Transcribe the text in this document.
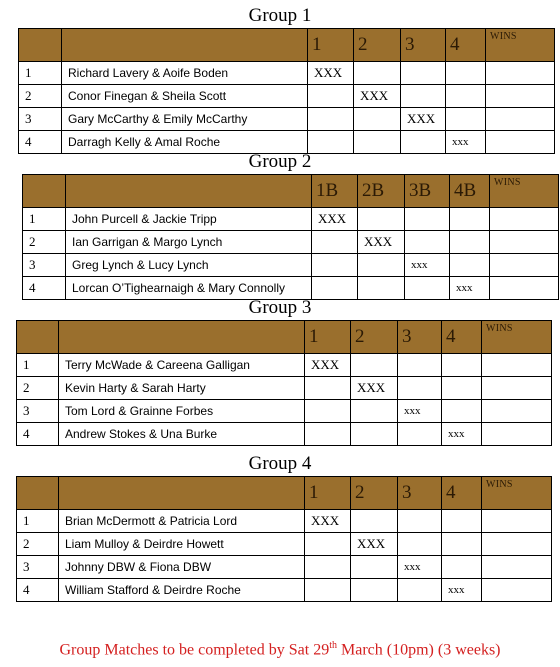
Group 1
		1	2	3	4	WINS
1	Richard Lavery & Aoife Boden	XXX				
2	Conor Finegan & Sheila Scott		XXX			
3	Gary McCarthy & Emily McCarthy			XXX		
4	Darragh Kelly & Amal Roche				xxx	
Group 2
		1B	2B	3B	4B	WINS
1	John Purcell & Jackie Tripp	XXX				
2	Ian Garrigan & Margo Lynch		XXX			
3	Greg Lynch & Lucy Lynch			xxx		
4	Lorcan O’Tighearnaigh & Mary Connolly				xxx	
Group 3
		1	2	3	4	WINS
1	Terry McWade & Careena Galligan	XXX				
2	Kevin Harty & Sarah Harty		XXX			
3	Tom Lord & Grainne Forbes			xxx		
4	Andrew Stokes & Una Burke				xxx	
Group 4
		1	2	3	4	WINS
1	Brian McDermott & Patricia Lord	XXX				
2	Liam Mulloy & Deirdre Howett		XXX			
3	Johnny DBW & Fiona DBW			xxx		
4	William Stafford & Deirdre Roche				xxx	
Group Matches to be completed by Sat 29th March (10pm) (3 weeks)
